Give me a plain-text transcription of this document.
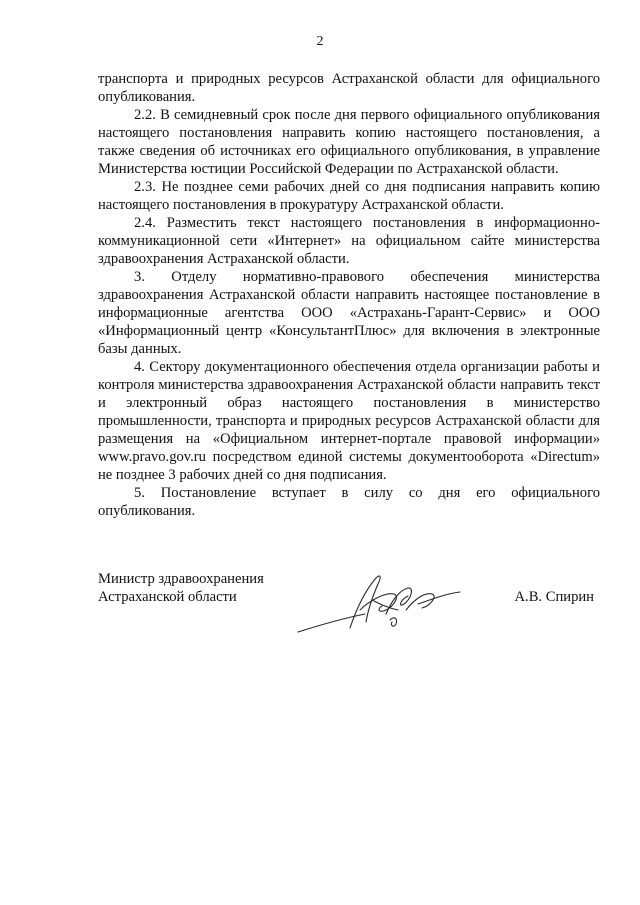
2

транспорта и природных ресурсов Астраханской области для официального опубликования.

2.2. В семидневный срок после дня первого официального опубликования настоящего постановления направить копию настоящего постановления, а также сведения об источниках его официального опубликования, в управление Министерства юстиции Российской Федерации по Астраханской области.

2.3. Не позднее семи рабочих дней со дня подписания направить копию настоящего постановления в прокуратуру Астраханской области.

2.4. Разместить текст настоящего постановления в информационно-коммуникационной сети «Интернет» на официальном сайте министерства здравоохранения Астраханской области.

3. Отделу нормативно-правового обеспечения министерства здравоохранения Астраханской области направить настоящее постановление в информационные агентства ООО «Астрахань-Гарант-Сервис» и ООО «Информационный центр «КонсультантПлюс» для включения в электронные базы данных.

4. Сектору документационного обеспечения отдела организации работы и контроля министерства здравоохранения Астраханской области направить текст и электронный образ настоящего постановления в министерство промышленности, транспорта и природных ресурсов Астраханской области для размещения на «Официальном интернет-портале правовой информации» www.pravo.gov.ru посредством единой системы документооборота «Directum» не позднее 3 рабочих дней со дня подписания.

5. Постановление вступает в силу со дня его официального опубликования.

Министр здравоохранения
Астраханской области	А.В. Спирин
